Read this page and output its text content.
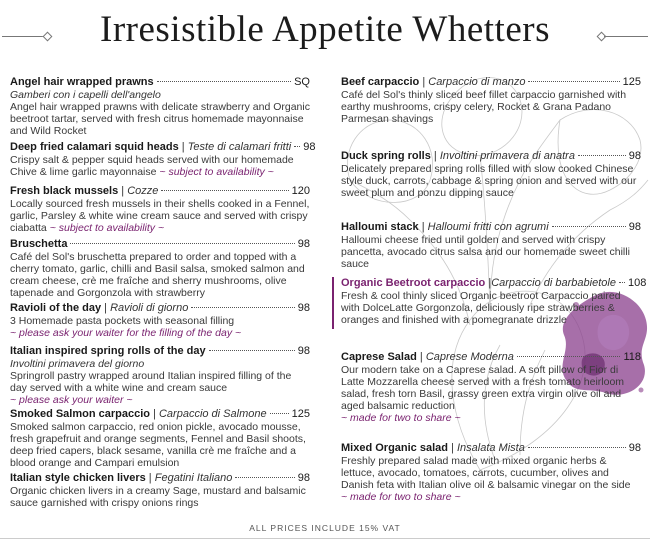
Irresistible Appetite Whetters
Angel hair wrapped prawns	SQ
Gamberi con i capelli dell'angelo
Angel hair wrapped prawns with delicate strawberry and Organic beetroot tartar, served with fresh citrus homemade mayonnaise and Wild Rocket
Deep fried calamari squid heads | Teste di calamari fritti 98
Crispy salt & pepper squid heads served with our homemade Chive & lime garlic mayonnaise ~ subject to availability ~
Fresh black mussels | Cozze	120
Locally sourced fresh mussels in their shells cooked in a Fennel, garlic, Parsley & white wine cream sauce and served with crispy ciabatta ~ subject to availability ~
Bruschetta	98
Café del Sol's bruschetta prepared to order and topped with a cherry tomato, garlic, chilli and Basil salsa, smoked salmon and cream cheese, crè me fraîche and sherry mushrooms, olive tapenade and Gorgonzola with strawberry
Ravioli of the day | Ravioli di giorno	98
3 Homemade pasta pockets with seasonal filling
~ please ask your waiter for the filling of the day ~
Italian inspired spring rolls of the day	98
Involtini primavera del giorno
Springroll pastry wrapped around Italian inspired filling of the day served with a white wine and cream sauce
~ please ask your waiter ~
Smoked Salmon carpaccio | Carpaccio di Salmone 125
Smoked salmon carpaccio, red onion pickle, avocado mousse, fresh grapefruit and orange segments, Fennel and Basil shoots, deep fried capers, black sesame, vanilla crè me fraîche and a blood orange and Campari emulsion
Italian style chicken livers | Fegatini Italiano	98
Organic chicken livers in a creamy Sage, mustard and balsamic sauce garnished with crispy onions rings
Beef carpaccio | Carpaccio di manzo	125
Café del Sol's thinly sliced beef fillet carpaccio garnished with earthy mushrooms, crispy celery, Rocket & Grana Padano Parmesan shavings
Duck spring rolls | Involtini primavera di anatra	98
Delicately prepared spring rolls filled with slow cooked Chinese style duck, carrots, cabbage & spring onion and served with our sweet plum and ponzu dipping sauce
Halloumi stack | Halloumi fritti con agrumi	98
Halloumi cheese fried until golden and served with crispy pancetta, avocado citrus salsa and our homemade sweet chilli sauce
Organic Beetroot carpaccio | Carpaccio di barbabietole 108
Fresh & cool thinly sliced Organic beetroot Carpaccio paired with DolceLatte Gorgonzola, deliciously ripe strawberries & oranges and finished with a pomegranate drizzle
Caprese Salad | Caprese Moderna	118
Our modern take on a Caprese salad. A soft pillow of Fior di Latte Mozzarella cheese served with a fresh tomato heirloom salad, fresh torn Basil, grassy green extra virgin olive oil and aged balsamic reduction
~ made for two to share ~
Mixed Organic salad | Insalata Mista	98
Freshly prepared salad made with mixed organic herbs & lettuce, avocado, tomatoes, carrots, cucumber, olives and Danish feta with Italian olive oil & balsamic vinegar on the side
~ made for two to share ~
ALL PRICES INCLUDE 15% VAT
